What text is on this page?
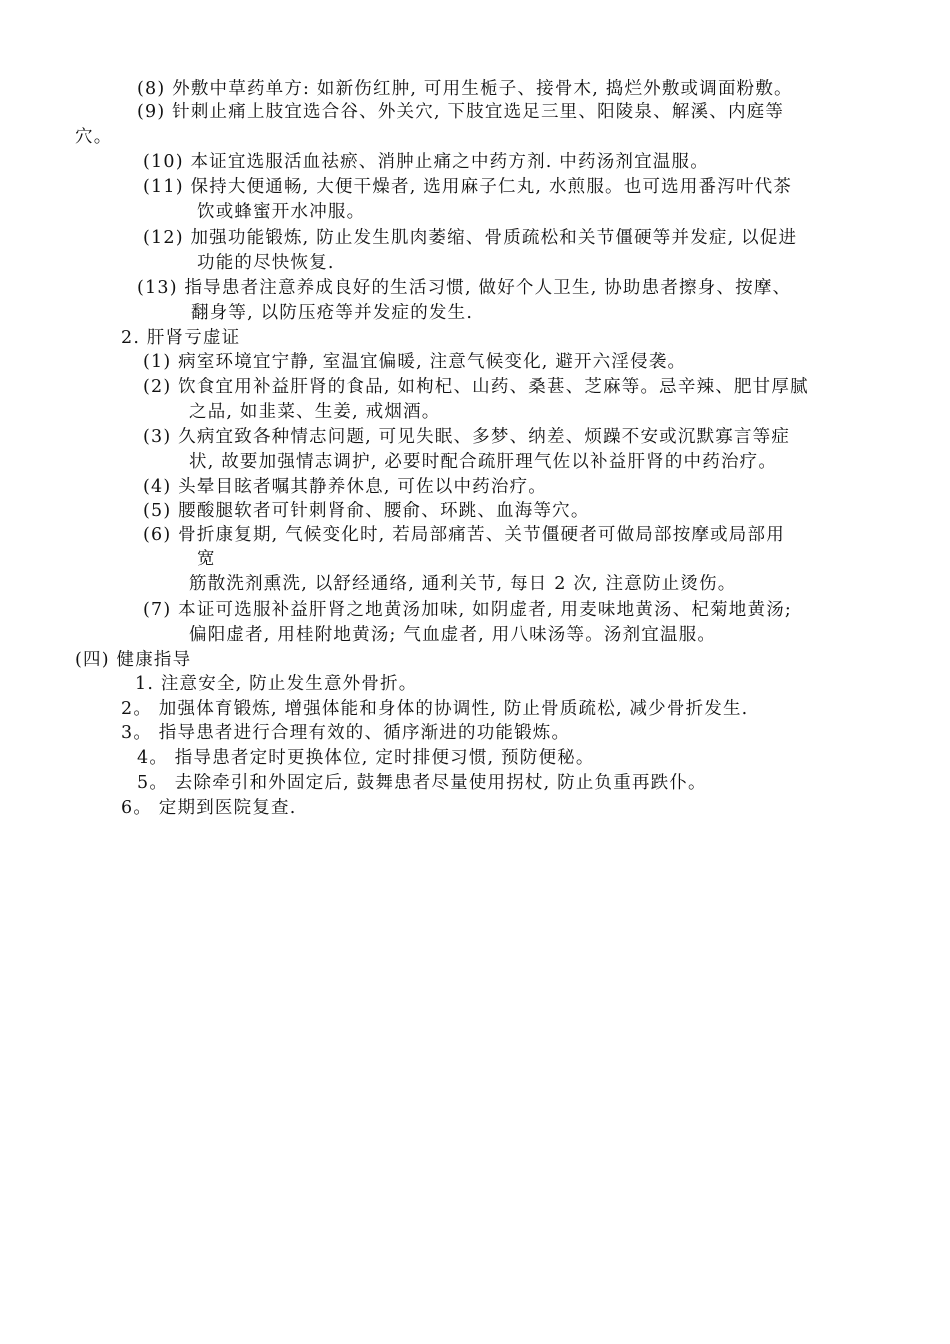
(8) 外敷中草药单方: 如新伤红肿, 可用生栀子、接骨木, 捣烂外敷或调面粉敷。
(9) 针刺止痛上肢宜选合谷、外关穴, 下肢宜选足三里、阳陵泉、解溪、内庭等
穴。
(10) 本证宜选服活血祛瘀、消肿止痛之中药方剂. 中药汤剂宜温服。
(11) 保持大便通畅, 大便干燥者, 选用麻子仁丸, 水煎服。也可选用番泻叶代茶
饮或蜂蜜开水冲服。
(12) 加强功能锻炼, 防止发生肌肉萎缩、骨质疏松和关节僵硬等并发症, 以促进
功能的尽快恢复.
(13) 指导患者注意养成良好的生活习惯, 做好个人卫生, 协助患者擦身、按摩、
翻身等, 以防压疮等并发症的发生.
2. 肝肾亏虚证
(1) 病室环境宜宁静, 室温宜偏暖, 注意气候变化, 避开六淫侵袭。
(2) 饮食宜用补益肝肾的食品, 如枸杞、山药、桑葚、芝麻等。忌辛辣、肥甘厚腻
之品, 如韭菜、生姜, 戒烟酒。
(3) 久病宜致各种情志问题, 可见失眠、多梦、纳差、烦躁不安或沉默寡言等症
状, 故要加强情志调护, 必要时配合疏肝理气佐以补益肝肾的中药治疗。
(4) 头晕目眩者嘱其静养休息, 可佐以中药治疗。
(5) 腰酸腿软者可针刺肾俞、腰俞、环跳、血海等穴。
(6) 骨折康复期, 气候变化时, 若局部痛苦、关节僵硬者可做局部按摩或局部用
宽
筋散洗剂熏洗, 以舒经通络, 通利关节, 每日 2 次, 注意防止烫伤。
(7) 本证可选服补益肝肾之地黄汤加味, 如阴虚者, 用麦味地黄汤、杞菊地黄汤;
偏阳虚者, 用桂附地黄汤; 气血虚者, 用八味汤等。汤剂宜温服。
(四) 健康指导
1. 注意安全, 防止发生意外骨折。
2。 加强体育锻炼, 增强体能和身体的协调性, 防止骨质疏松, 减少骨折发生.
3。 指导患者进行合理有效的、循序渐进的功能锻炼。
4。 指导患者定时更换体位, 定时排便习惯, 预防便秘。
5。 去除牵引和外固定后, 鼓舞患者尽量使用拐杖, 防止负重再跌仆。
6。 定期到医院复查.
